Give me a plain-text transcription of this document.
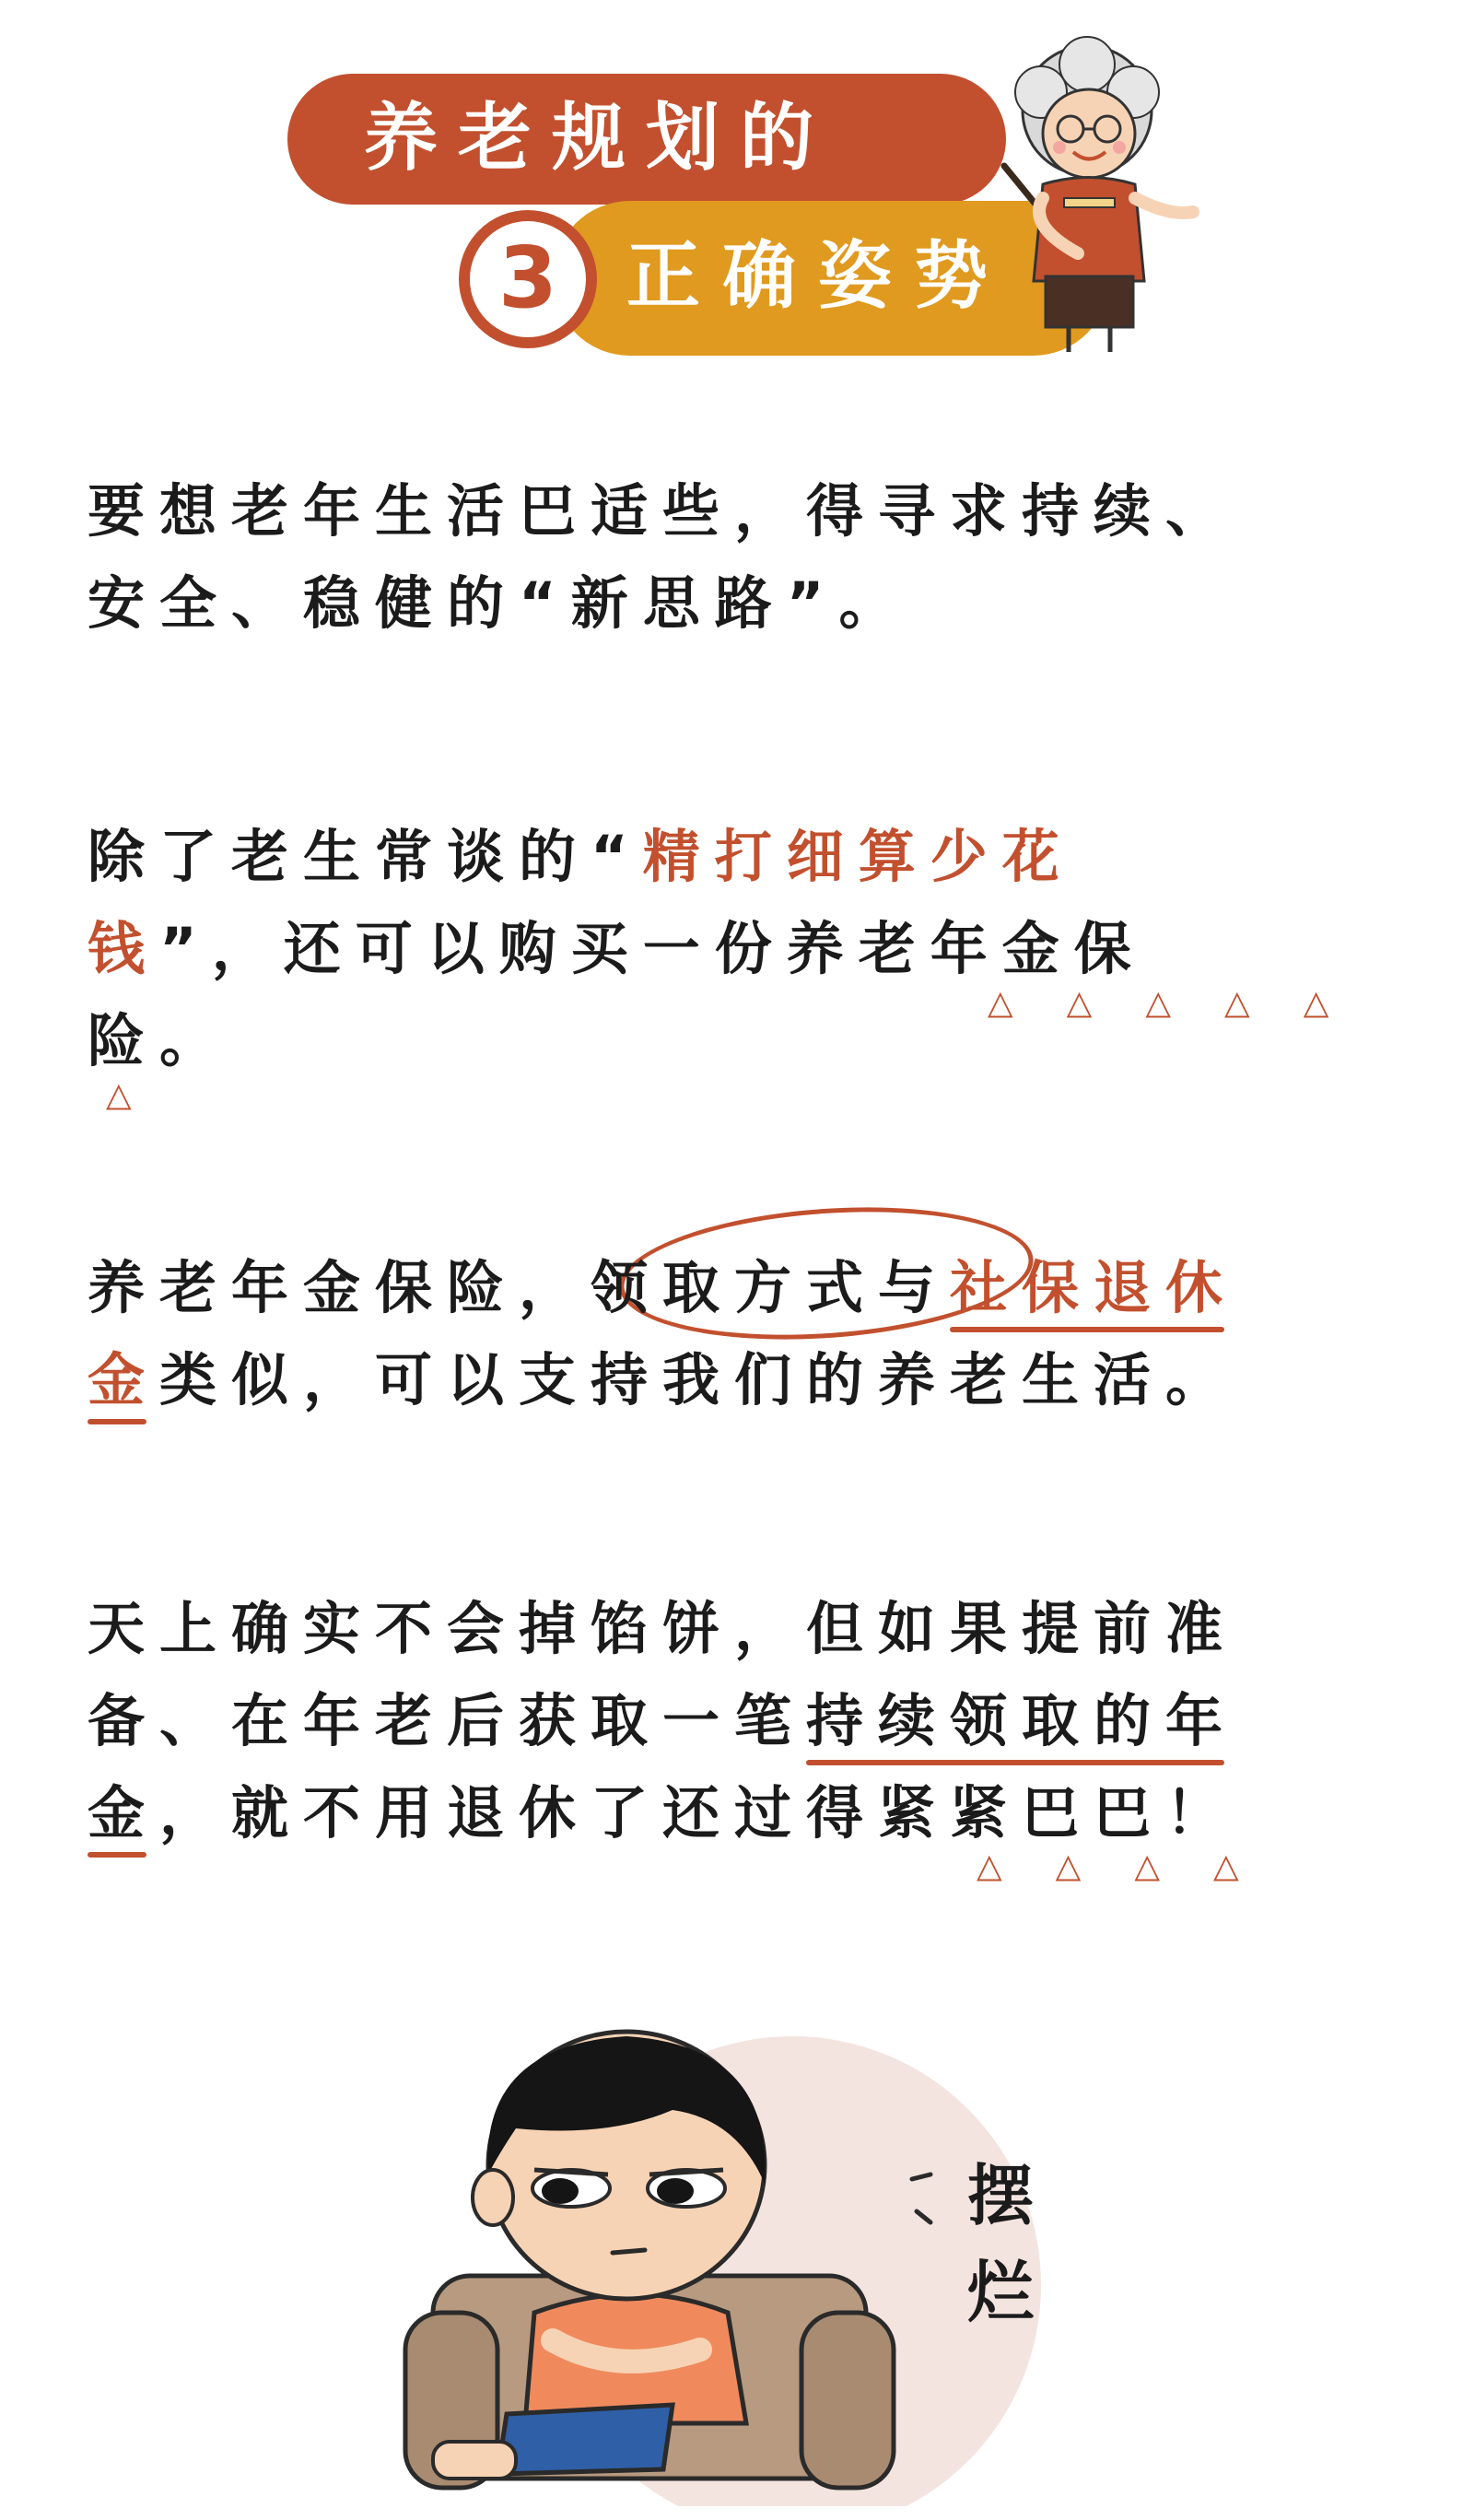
养老规划的
正确姿势
3
要想老年生活巴适些，得寻求持续、
安全、稳健的“新思路”。
除了老生常谈的“精打细算少花
钱”，还可以购买一份养老年金保
险。
△△△△△
△
养老年金保险，领取方式与社保退休
金类似，可以支持我们的养老生活。
天上确实不会掉馅饼，但如果提前准
备、在年老后获取一笔持续领取的年
金，就不用退休了还过得紧紧巴巴！
△△△△
摆
烂
